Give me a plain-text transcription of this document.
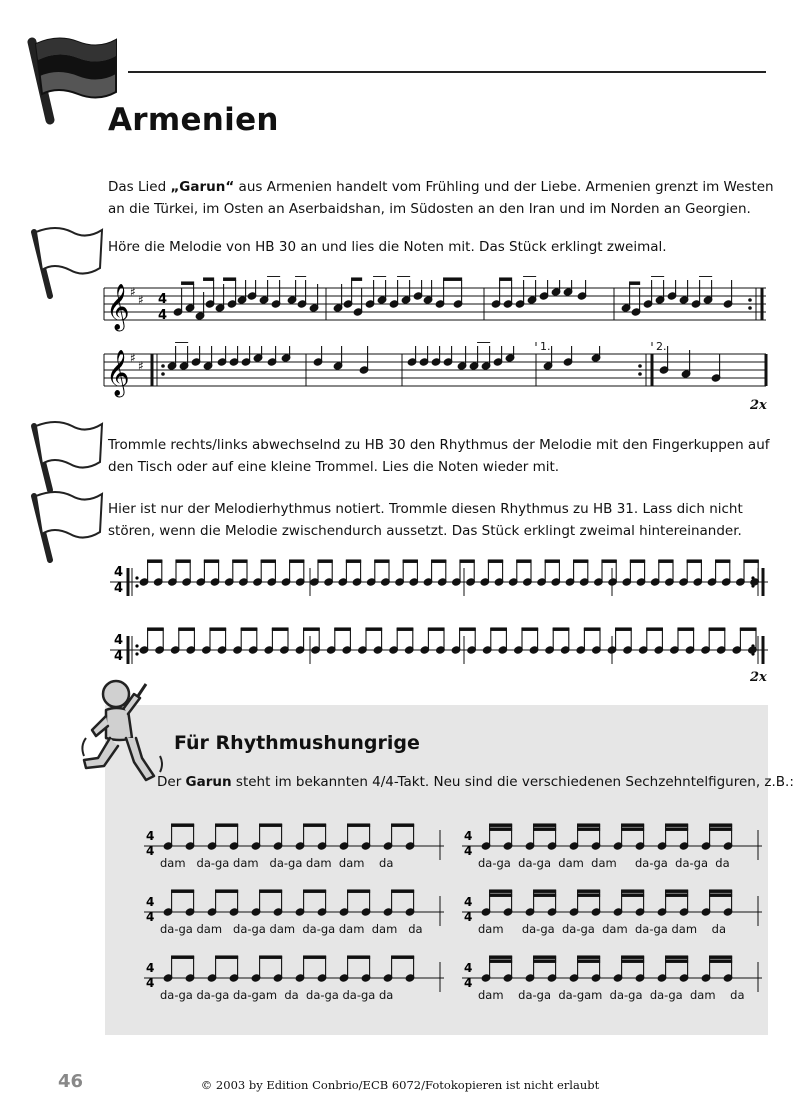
Armenien
Das Lied „Garun“ aus Armenien handelt vom Frühling und der Liebe. Armenien grenzt im Westen an die Türkei, im Osten an Aserbaidshan, im Südosten an den Iran und im Norden an Georgien.
Höre die Melodie von HB 30 an und lies die Noten mit. Das Stück erklingt zweimal.
𝄞 ♯
♯ 4
4
𝄞 ♯
♯
1.	2.
2x
Trommle rechts/links abwechselnd zu HB 30 den Rhythmus der Melodie mit den Fingerkuppen auf den Tisch oder auf eine kleine Trommel. Lies die Noten wieder mit.
Hier ist nur der Melodierhythmus notiert. Trommle diesen Rhythmus zu HB 31. Lass dich nicht stören, wenn die Melodie zwischendurch aussetzt. Das Stück erklingt zweimal hintereinander.
4
4
4
4
2x
Für Rhythmushungrige
Der Garun steht im bekannten 4/4-Takt. Neu sind die verschiedenen Sechzehntelfiguren, z.B.:
4
4
dam   da-ga dam   da-ga dam  dam    da
4
4
da-ga  da-ga  dam  dam     da-ga  da-ga  da
4
4
da-ga dam   da-ga dam  da-ga dam  dam   da
4
4
dam     da-ga  da-ga  dam  da-ga dam    da
4
4
da-ga da-ga da-gam  da  da-ga da-ga da
4
4
dam    da-ga  da-gam  da-ga  da-ga  dam    da
46	© 2003 by Edition Conbrio/ECB 6072/Fotokopieren ist nicht erlaubt
